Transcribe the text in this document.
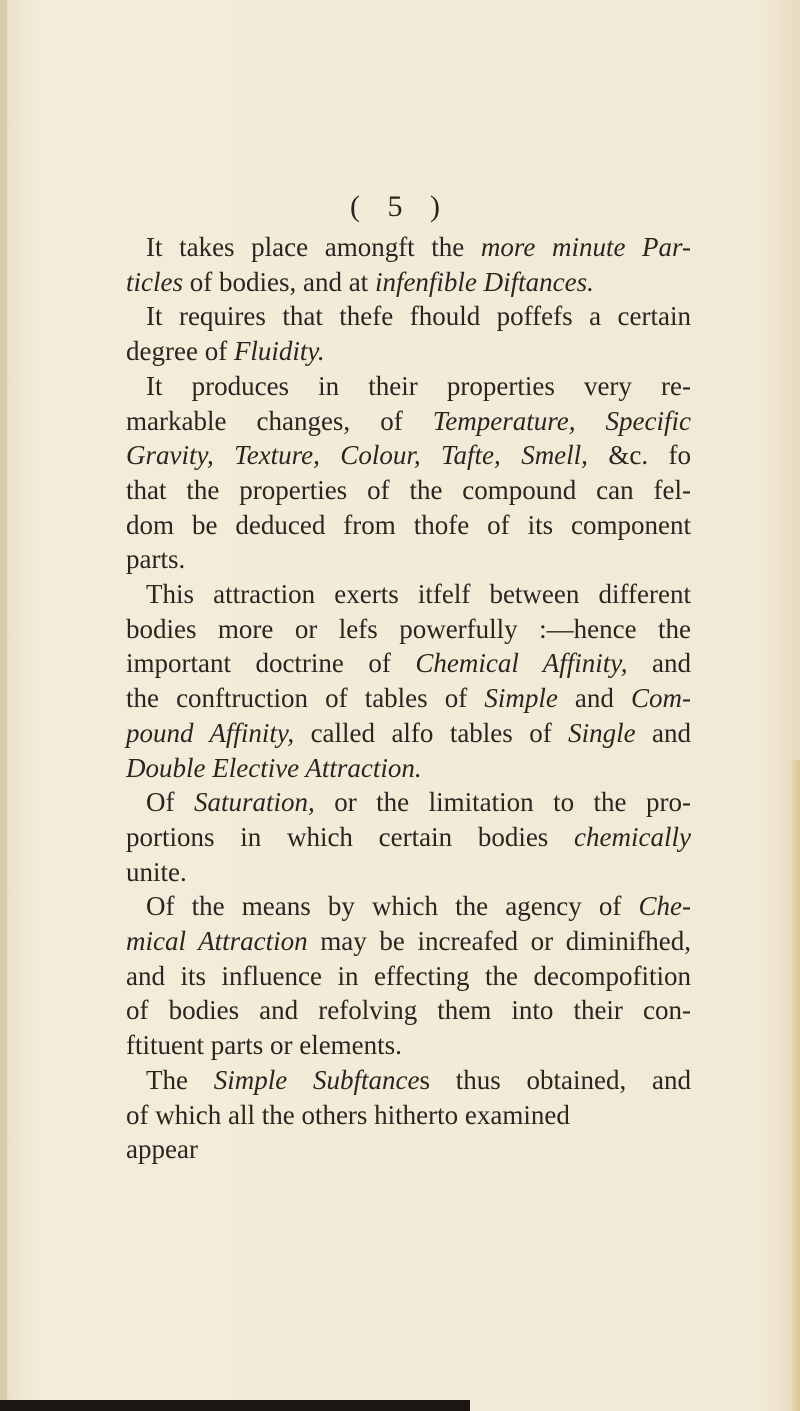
( 5 )

It takes place amongft the more minute Par-
ticles of bodies, and at infenfible Diftances.

It requires that thefe fhould poffefs a certain
degree of Fluidity.

It produces in their properties very re-
markable changes, of Temperature, Specific
Gravity, Texture, Colour, Tafte, Smell, &c. fo
that the properties of the compound can fel-
dom be deduced from thofe of its component
parts.

This attraction exerts itfelf between different
bodies more or lefs powerfully :—hence the
important doctrine of Chemical Affinity, and
the conftruction of tables of Simple and Com-
pound Affinity, called alfo tables of Single and
Double Elective Attraction.

Of Saturation, or the limitation to the pro-
portions in which certain bodies chemically
unite.

Of the means by which the agency of Che-
mical Attraction may be increafed or diminifhed,
and its influence in effecting the decompofition
of bodies and refolving them into their con-
ftituent parts or elements.

The Simple Subftances thus obtained, and
of which all the others hitherto examined

appear
